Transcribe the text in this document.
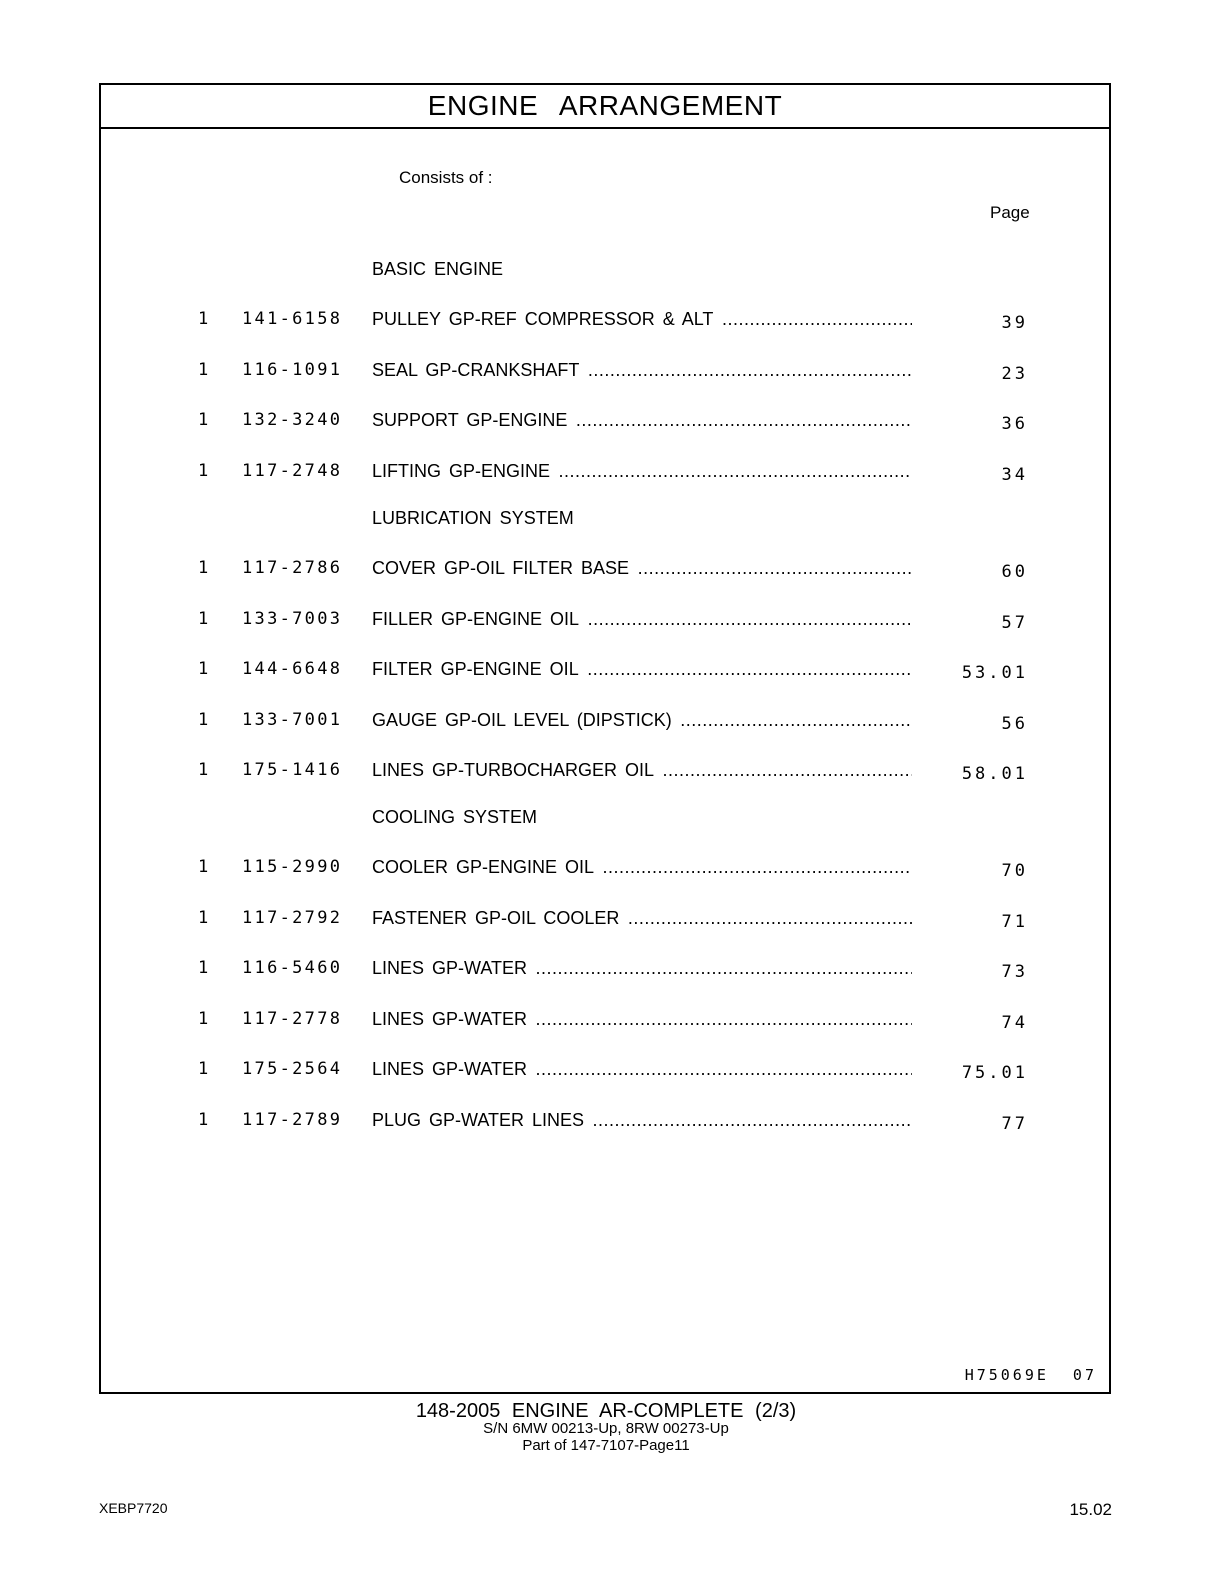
ENGINE ARRANGEMENT
Consists of :
Page
BASIC ENGINE
1 141-6158 PULLEY GP-REF COMPRESSOR & ALT .....	39
1 116-1091 SEAL GP-CRANKSHAFT .....	23
1 132-3240 SUPPORT GP-ENGINE .....	36
1 117-2748 LIFTING GP-ENGINE .....	34
LUBRICATION SYSTEM
1 117-2786 COVER GP-OIL FILTER BASE .....	60
1 133-7003 FILLER GP-ENGINE OIL .....	57
1 144-6648 FILTER GP-ENGINE OIL .....	53.01
1 133-7001 GAUGE GP-OIL LEVEL (DIPSTICK) .....	56
1 175-1416 LINES GP-TURBOCHARGER OIL .....	58.01
COOLING SYSTEM
1 115-2990 COOLER GP-ENGINE OIL .....	70
1 117-2792 FASTENER GP-OIL COOLER .....	71
1 116-5460 LINES GP-WATER .....	73
1 117-2778 LINES GP-WATER .....	74
1 175-2564 LINES GP-WATER .....	75.01
1 117-2789 PLUG GP-WATER LINES .....	77
H75069E 07
148-2005 ENGINE AR-COMPLETE (2/3)
S/N 6MW 00213-Up, 8RW 00273-Up
Part of 147-7107-Page11
XEBP7720	15.02
